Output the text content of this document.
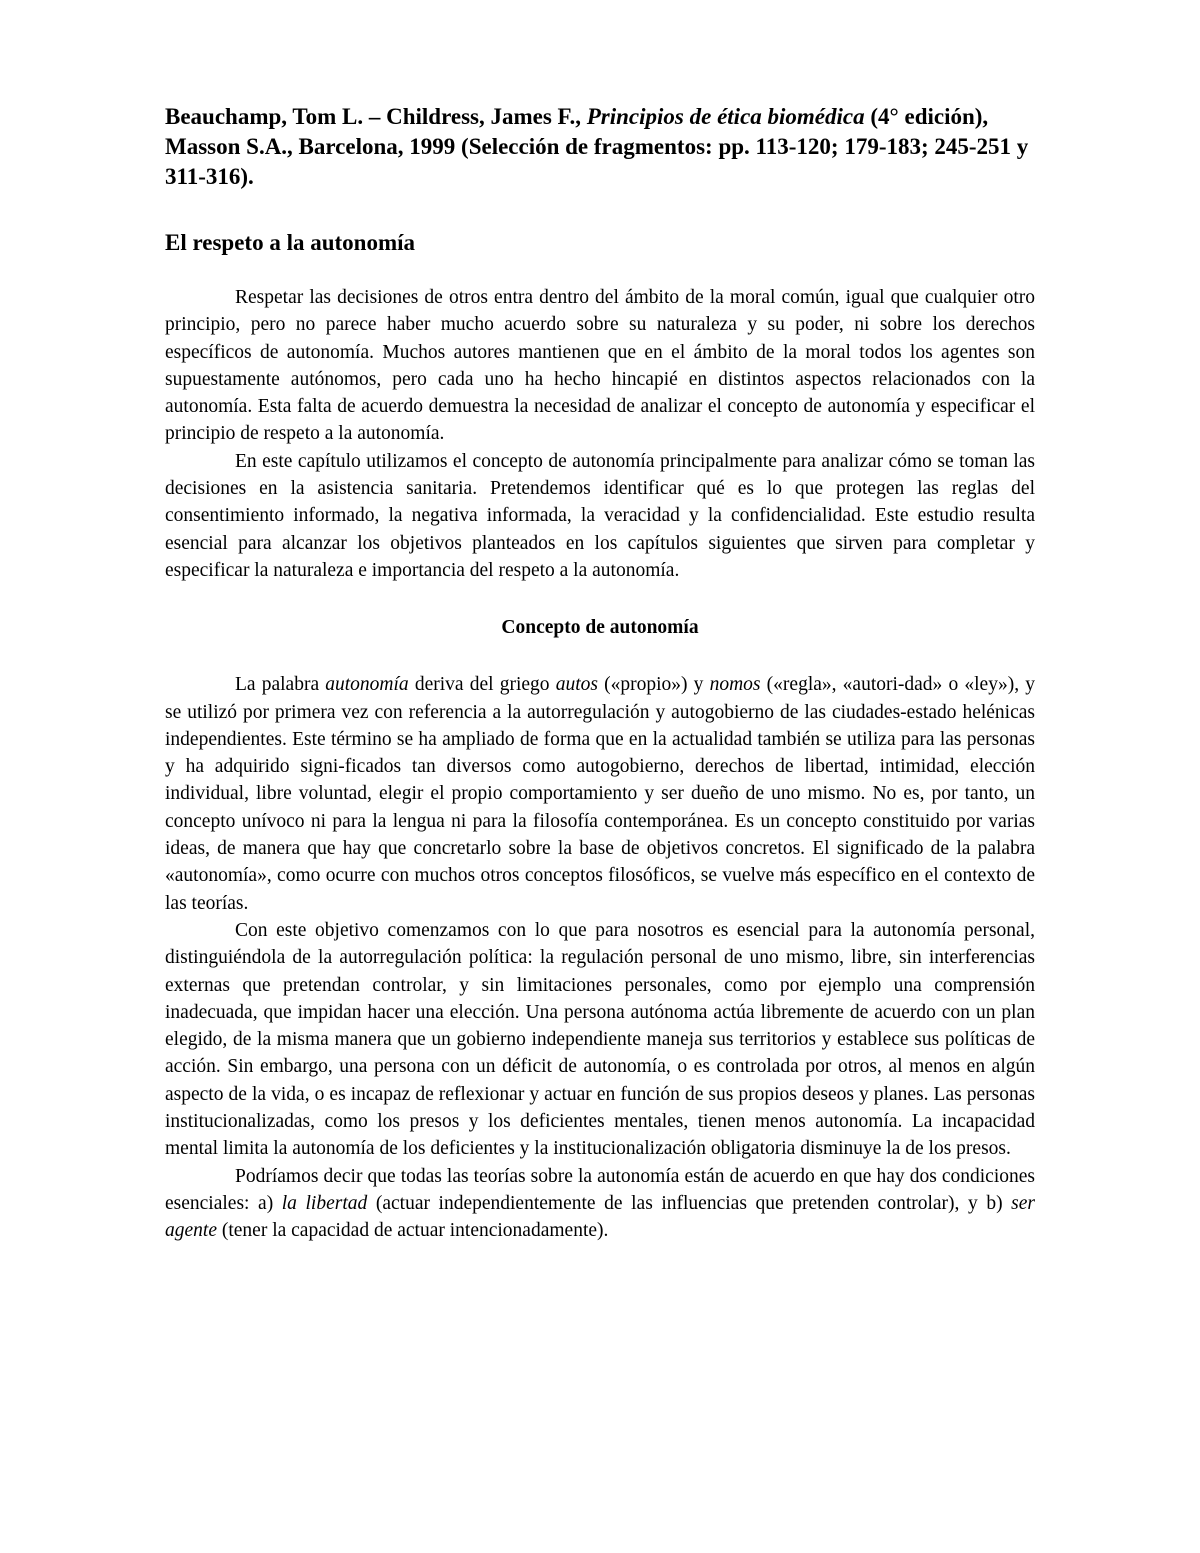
Beauchamp, Tom L. – Childress, James F., Principios de ética biomédica (4° edición), Masson S.A., Barcelona, 1999 (Selección de fragmentos: pp. 113-120; 179-183; 245-251 y 311-316).

El respeto a la autonomía

Respetar las decisiones de otros entra dentro del ámbito de la moral común, igual que cualquier otro principio, pero no parece haber mucho acuerdo sobre su naturaleza y su poder, ni sobre los derechos específicos de autonomía. Muchos autores mantienen que en el ámbito de la moral todos los agentes son supuestamente autónomos, pero cada uno ha hecho hincapié en distintos aspectos relacionados con la autonomía. Esta falta de acuerdo demuestra la necesidad de analizar el concepto de autonomía y especificar el principio de respeto a la autonomía.

En este capítulo utilizamos el concepto de autonomía principalmente para analizar cómo se toman las decisiones en la asistencia sanitaria. Pretendemos identificar qué es lo que protegen las reglas del consentimiento informado, la negativa informada, la veracidad y la confidencialidad. Este estudio resulta esencial para alcanzar los objetivos planteados en los capítulos siguientes que sirven para completar y especificar la naturaleza e importancia del respeto a la autonomía.

Concepto de autonomía

La palabra autonomía deriva del griego autos («propio») y nomos («regla», «autori-dad» o «ley»), y se utilizó por primera vez con referencia a la autorregulación y autogobierno de las ciudades-estado helénicas independientes. Este término se ha ampliado de forma que en la actualidad también se utiliza para las personas y ha adquirido signi-ficados tan diversos como autogobierno, derechos de libertad, intimidad, elección individual, libre voluntad, elegir el propio comportamiento y ser dueño de uno mismo. No es, por tanto, un concepto unívoco ni para la lengua ni para la filosofía contemporánea. Es un concepto constituido por varias ideas, de manera que hay que concretarlo sobre la base de objetivos concretos. El significado de la palabra «autonomía», como ocurre con muchos otros conceptos filosóficos, se vuelve más específico en el contexto de las teorías.

Con este objetivo comenzamos con lo que para nosotros es esencial para la autonomía personal, distinguiéndola de la autorregulación política: la regulación personal de uno mismo, libre, sin interferencias externas que pretendan controlar, y sin limitaciones personales, como por ejemplo una comprensión inadecuada, que impidan hacer una elección. Una persona autónoma actúa libremente de acuerdo con un plan elegido, de la misma manera que un gobierno independiente maneja sus territorios y establece sus políticas de acción. Sin embargo, una persona con un déficit de autonomía, o es controlada por otros, al menos en algún aspecto de la vida, o es incapaz de reflexionar y actuar en función de sus propios deseos y planes. Las personas institucionalizadas, como los presos y los deficientes mentales, tienen menos autonomía. La incapacidad mental limita la autonomía de los deficientes y la institucionalización obligatoria disminuye la de los presos.

Podríamos decir que todas las teorías sobre la autonomía están de acuerdo en que hay dos condiciones esenciales: a) la libertad (actuar independientemente de las influencias que pretenden controlar), y b) ser agente (tener la capacidad de actuar intencionadamente).
